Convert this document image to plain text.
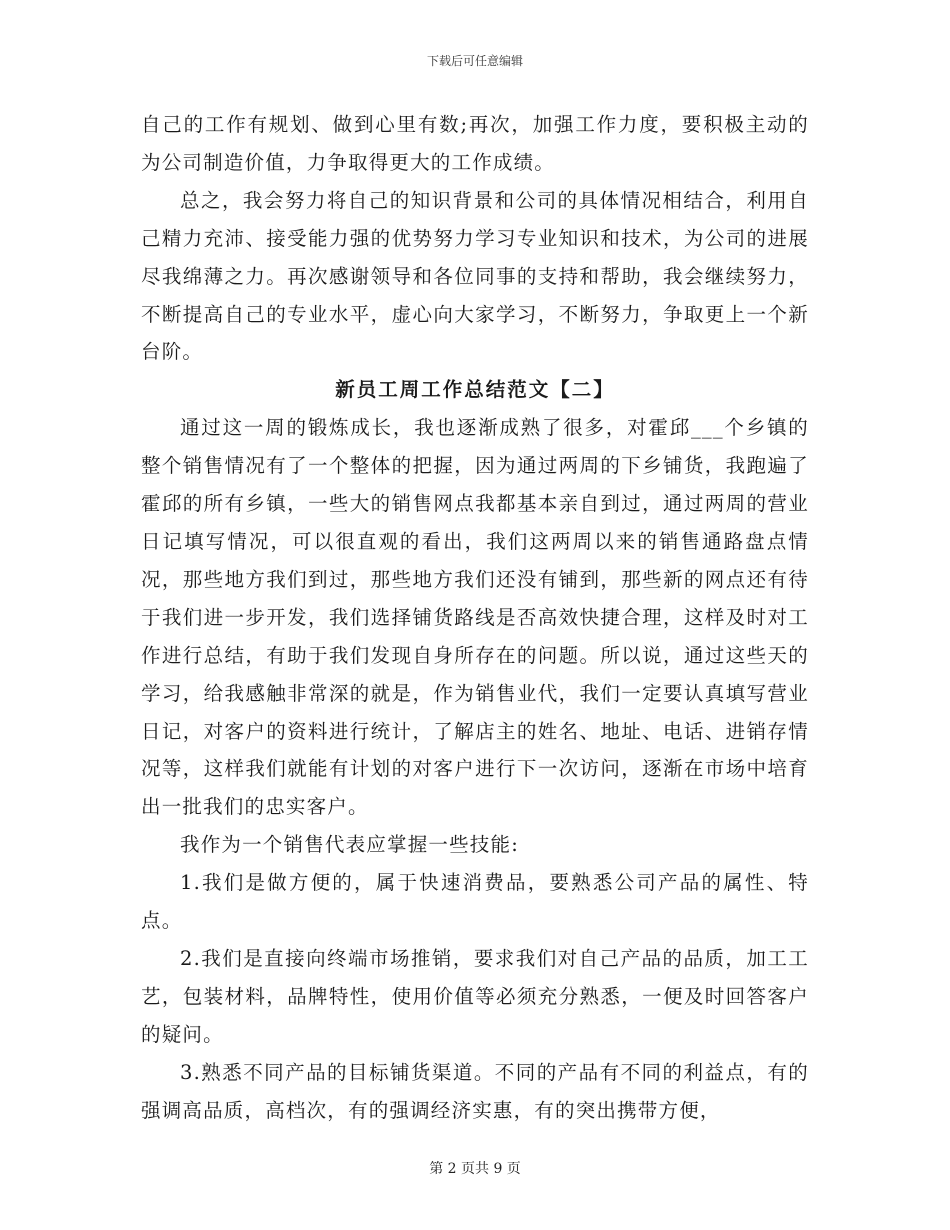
下载后可任意编辑

自己的工作有规划、做到心里有数;再次，加强工作力度，要积极主动的为公司制造价值，力争取得更大的工作成绩。

总之，我会努力将自己的知识背景和公司的具体情况相结合，利用自己精力充沛、接受能力强的优势努力学习专业知识和技术，为公司的进展尽我绵薄之力。再次感谢领导和各位同事的支持和帮助，我会继续努力，不断提高自己的专业水平，虚心向大家学习，不断努力，争取更上一个新台阶。

新员工周工作总结范文【二】

通过这一周的锻炼成长，我也逐渐成熟了很多，对霍邱___个乡镇的整个销售情况有了一个整体的把握，因为通过两周的下乡铺货，我跑遍了霍邱的所有乡镇，一些大的销售网点我都基本亲自到过，通过两周的营业日记填写情况，可以很直观的看出，我们这两周以来的销售通路盘点情况，那些地方我们到过，那些地方我们还没有铺到，那些新的网点还有待于我们进一步开发，我们选择铺货路线是否高效快捷合理，这样及时对工作进行总结，有助于我们发现自身所存在的问题。所以说，通过这些天的学习，给我感触非常深的就是，作为销售业代，我们一定要认真填写营业日记，对客户的资料进行统计，了解店主的姓名、地址、电话、进销存情况等，这样我们就能有计划的对客户进行下一次访问，逐渐在市场中培育出一批我们的忠实客户。

我作为一个销售代表应掌握一些技能:

1.我们是做方便的，属于快速消费品，要熟悉公司产品的属性、特点。

2.我们是直接向终端市场推销，要求我们对自己产品的品质，加工工艺，包装材料，品牌特性，使用价值等必须充分熟悉，一便及时回答客户的疑问。

3.熟悉不同产品的目标铺货渠道。不同的产品有不同的利益点，有的强调高品质，高档次，有的强调经济实惠，有的突出携带方便，

第 2 页共 9 页
